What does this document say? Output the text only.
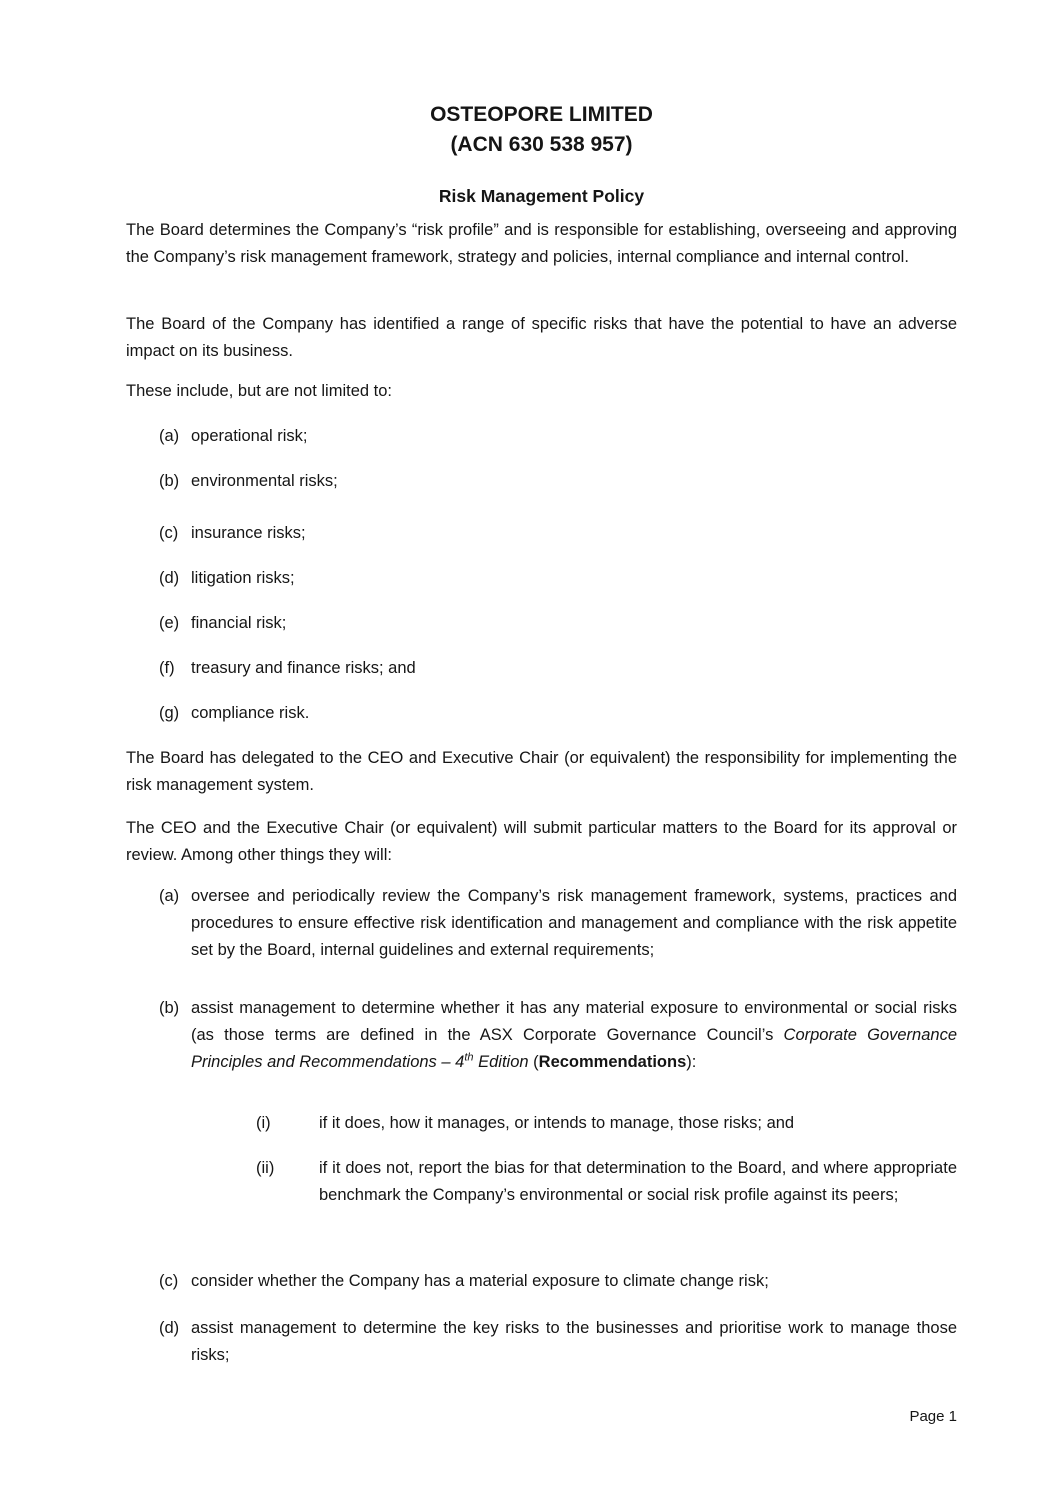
OSTEOPORE LIMITED
(ACN 630 538 957)
Risk Management Policy

The Board determines the Company’s “risk profile” and is responsible for establishing, overseeing and approving the Company’s risk management framework, strategy and policies, internal compliance and internal control.

The Board of the Company has identified a range of specific risks that have the potential to have an adverse impact on its business.

These include, but are not limited to:

(a) operational risk;
(b) environmental risks;
(c) insurance risks;
(d) litigation risks;
(e) financial risk;
(f) treasury and finance risks; and
(g) compliance risk.

The Board has delegated to the CEO and Executive Chair (or equivalent) the responsibility for implementing the risk management system.

The CEO and the Executive Chair (or equivalent) will submit particular matters to the Board for its approval or review. Among other things they will:

(a) oversee and periodically review the Company’s risk management framework, systems, practices and procedures to ensure effective risk identification and management and compliance with the risk appetite set by the Board, internal guidelines and external requirements;
(b) assist management to determine whether it has any material exposure to environmental or social risks (as those terms are defined in the ASX Corporate Governance Council’s Corporate Governance Principles and Recommendations – 4th Edition (Recommendations):
(i)	if it does, how it manages, or intends to manage, those risks; and
(ii)	if it does not, report the bias for that determination to the Board, and where appropriate benchmark the Company’s environmental or social risk profile against its peers;
(c) consider whether the Company has a material exposure to climate change risk;
(d) assist management to determine the key risks to the businesses and prioritise work to manage those risks;
Page 1
